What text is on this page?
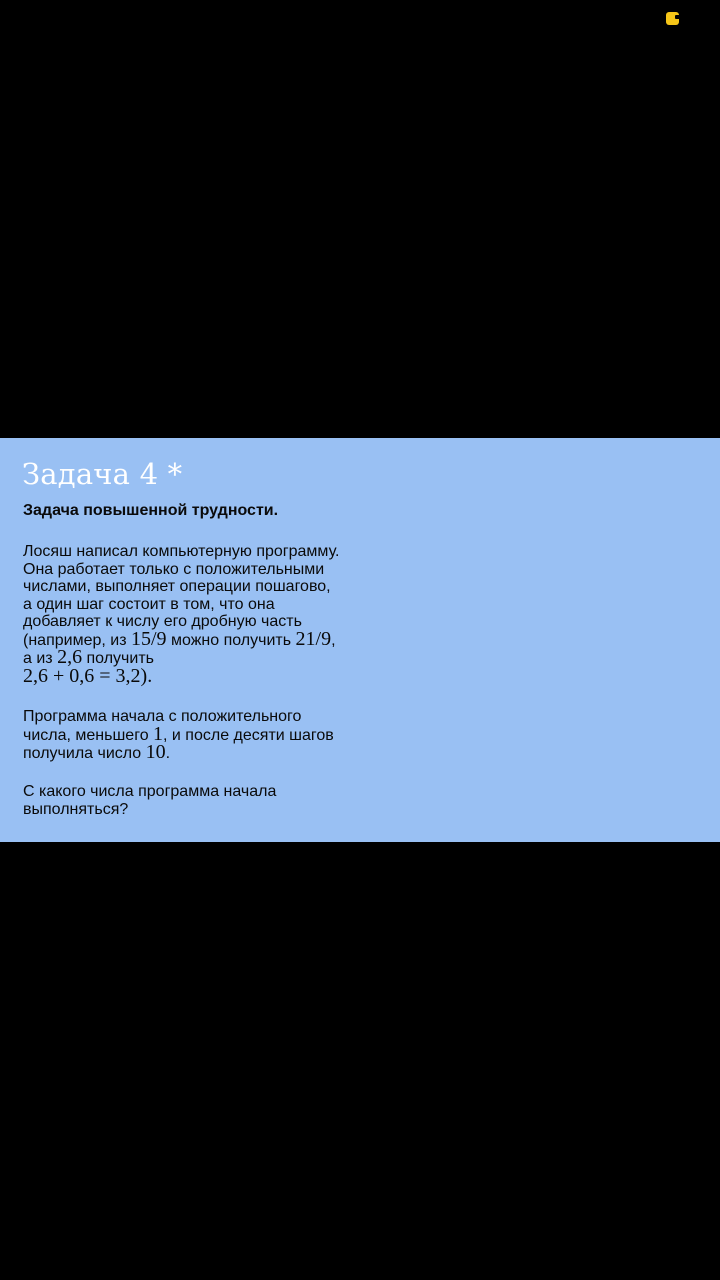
Задача 4 *
Задача повышенной трудности.
Лосяш написал компьютерную программу.
Она работает только с положительными
числами, выполняет операции пошагово,
а один шаг состоит в том, что она
добавляет к числу его дробную часть
(например, из 15/9 можно получить 21/9,
а из 2,6 получить
2,6 + 0,6 = 3,2).
Программа начала с положительного
числа, меньшего 1, и после десяти шагов
получила число 10.
С какого числа программа начала
выполняться?
